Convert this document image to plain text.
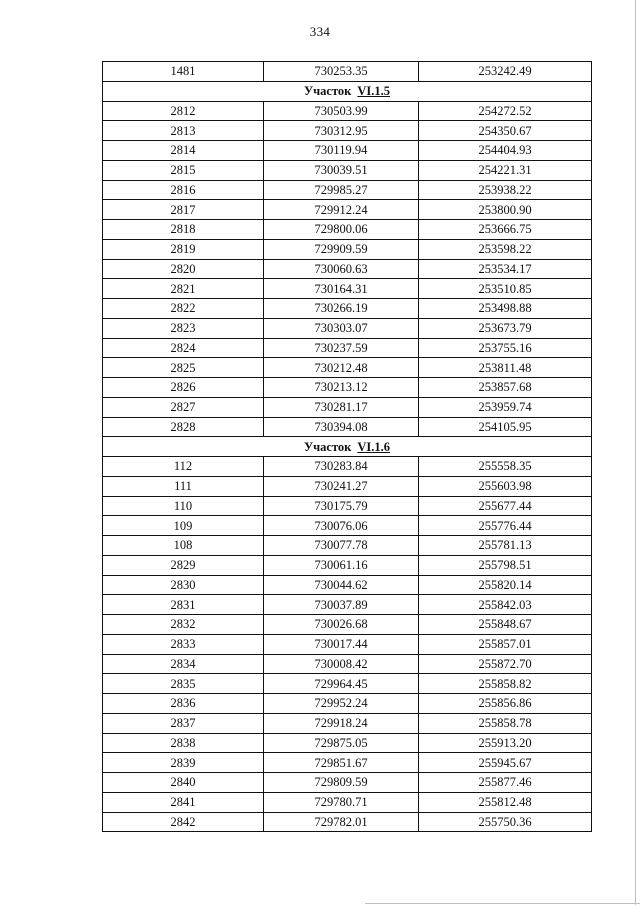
334
1481	730253.35	253242.49
Участок VI.1.5		
2812	730503.99	254272.52
2813	730312.95	254350.67
2814	730119.94	254404.93
2815	730039.51	254221.31
2816	729985.27	253938.22
2817	729912.24	253800.90
2818	729800.06	253666.75
2819	729909.59	253598.22
2820	730060.63	253534.17
2821	730164.31	253510.85
2822	730266.19	253498.88
2823	730303.07	253673.79
2824	730237.59	253755.16
2825	730212.48	253811.48
2826	730213.12	253857.68
2827	730281.17	253959.74
2828	730394.08	254105.95
Участок VI.1.6		
112	730283.84	255558.35
111	730241.27	255603.98
110	730175.79	255677.44
109	730076.06	255776.44
108	730077.78	255781.13
2829	730061.16	255798.51
2830	730044.62	255820.14
2831	730037.89	255842.03
2832	730026.68	255848.67
2833	730017.44	255857.01
2834	730008.42	255872.70
2835	729964.45	255858.82
2836	729952.24	255856.86
2837	729918.24	255858.78
2838	729875.05	255913.20
2839	729851.67	255945.67
2840	729809.59	255877.46
2841	729780.71	255812.48
2842	729782.01	255750.36
